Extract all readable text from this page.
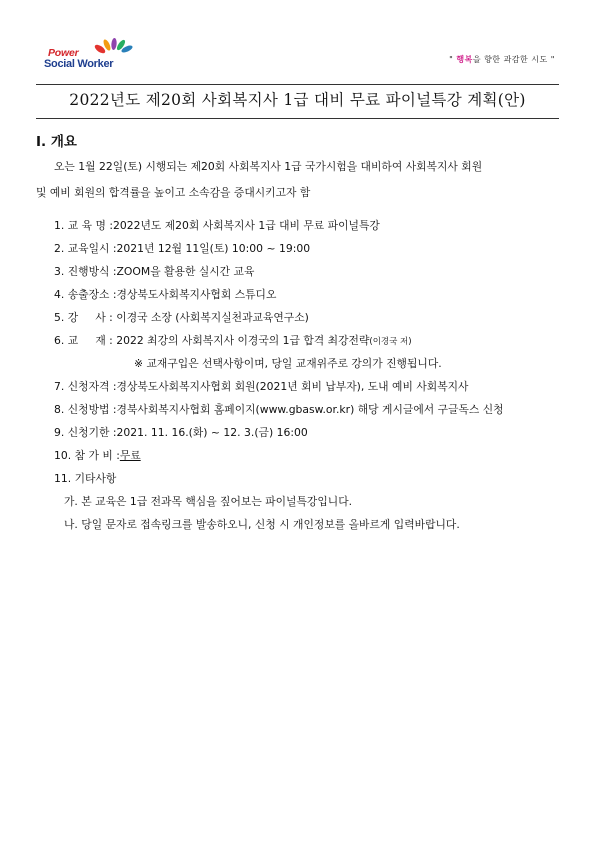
Power
Social Worker	" 행복을 향한 과감한 시도 "
2022년도 제20회 사회복지사 1급 대비 무료 파이널특강 계획(안)
Ⅰ. 개요
오는 1월 22일(토) 시행되는 제20회 사회복지사 1급 국가시험을 대비하여 사회복지사 회원
및 예비 회원의 합격률을 높이고 소속감을 증대시키고자 함
1. 교 육 명 :2022년도 제20회 사회복지사 1급 대비 무료 파이널특강
2. 교육일시 :2021년 12월 11일(토) 10:00 ~ 19:00
3. 진행방식 :ZOOM을 활용한 실시간 교육
4. 송출장소 :경상북도사회복지사협회 스튜디오
5. 강     사 : 이경국 소장 (사회복지실천과교육연구소)
6. 교     재 : 2022 최강의 사회복지사 이경국의 1급 합격 최강전략(이경국 저)
※ 교재구입은 선택사항이며, 당일 교재위주로 강의가 진행됩니다.
7. 신청자격 :경상북도사회복지사협회 회원(2021년 회비 납부자), 도내 예비 사회복지사
8. 신청방법 :경북사회복지사협회 홈페이지(www.gbasw.or.kr) 해당 게시글에서 구글독스 신청
9. 신청기한 :2021. 11. 16.(화) ~ 12. 3.(금) 16:00
10. 참 가 비 :무료
11. 기타사항
가. 본 교육은 1급 전과목 핵심을 짚어보는 파이널특강입니다.
나. 당일 문자로 접속링크를 발송하오니, 신청 시 개인정보를 올바르게 입력바랍니다.
